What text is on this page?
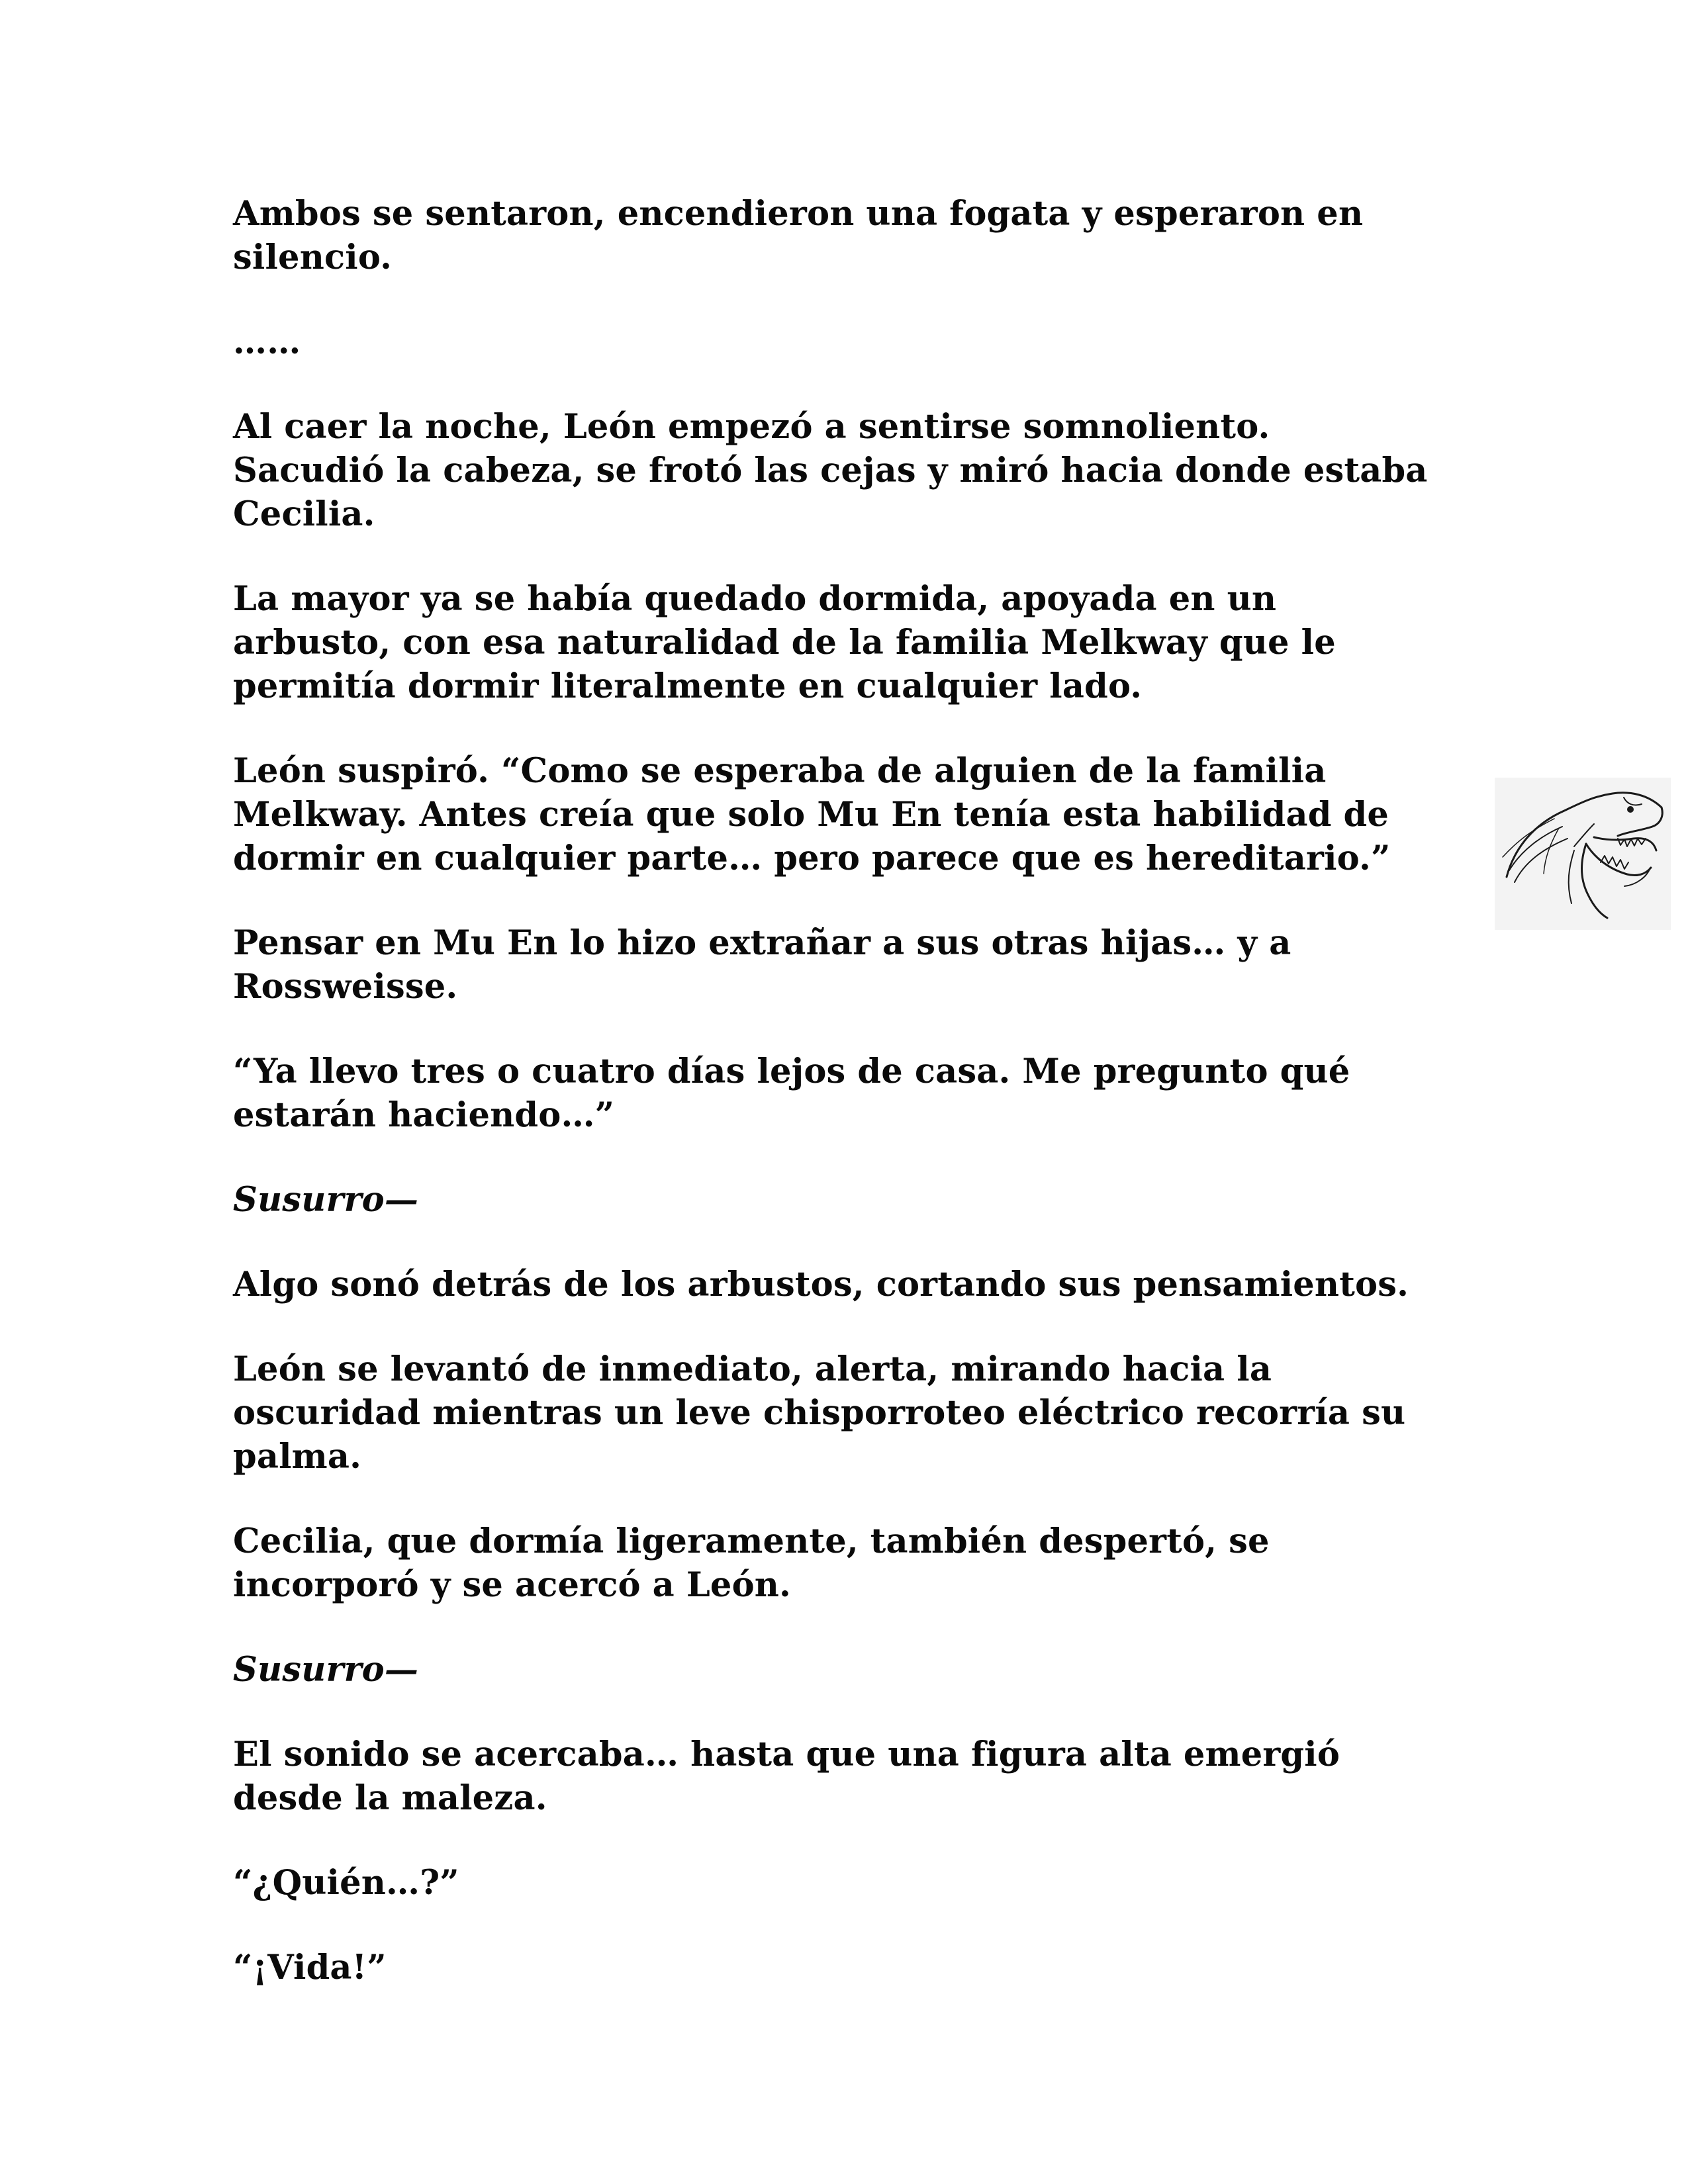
Ambos se sentaron, encendieron una fogata y esperaron en
silencio.

……

Al caer la noche, León empezó a sentirse somnoliento.
Sacudió la cabeza, se frotó las cejas y miró hacia donde estaba
Cecilia.

La mayor ya se había quedado dormida, apoyada en un
arbusto, con esa naturalidad de la familia Melkway que le
permitía dormir literalmente en cualquier lado.

León suspiró. “Como se esperaba de alguien de la familia
Melkway. Antes creía que solo Mu En tenía esta habilidad de
dormir en cualquier parte… pero parece que es hereditario.”

Pensar en Mu En lo hizo extrañar a sus otras hijas… y a
Rossweisse.

“Ya llevo tres o cuatro días lejos de casa. Me pregunto qué
estarán haciendo…”

Susurro—

Algo sonó detrás de los arbustos, cortando sus pensamientos.

León se levantó de inmediato, alerta, mirando hacia la
oscuridad mientras un leve chisporroteo eléctrico recorría su
palma.

Cecilia, que dormía ligeramente, también despertó, se
incorporó y se acercó a León.

Susurro—

El sonido se acercaba… hasta que una figura alta emergió
desde la maleza.

“¿Quién…?”

“¡Vida!”
